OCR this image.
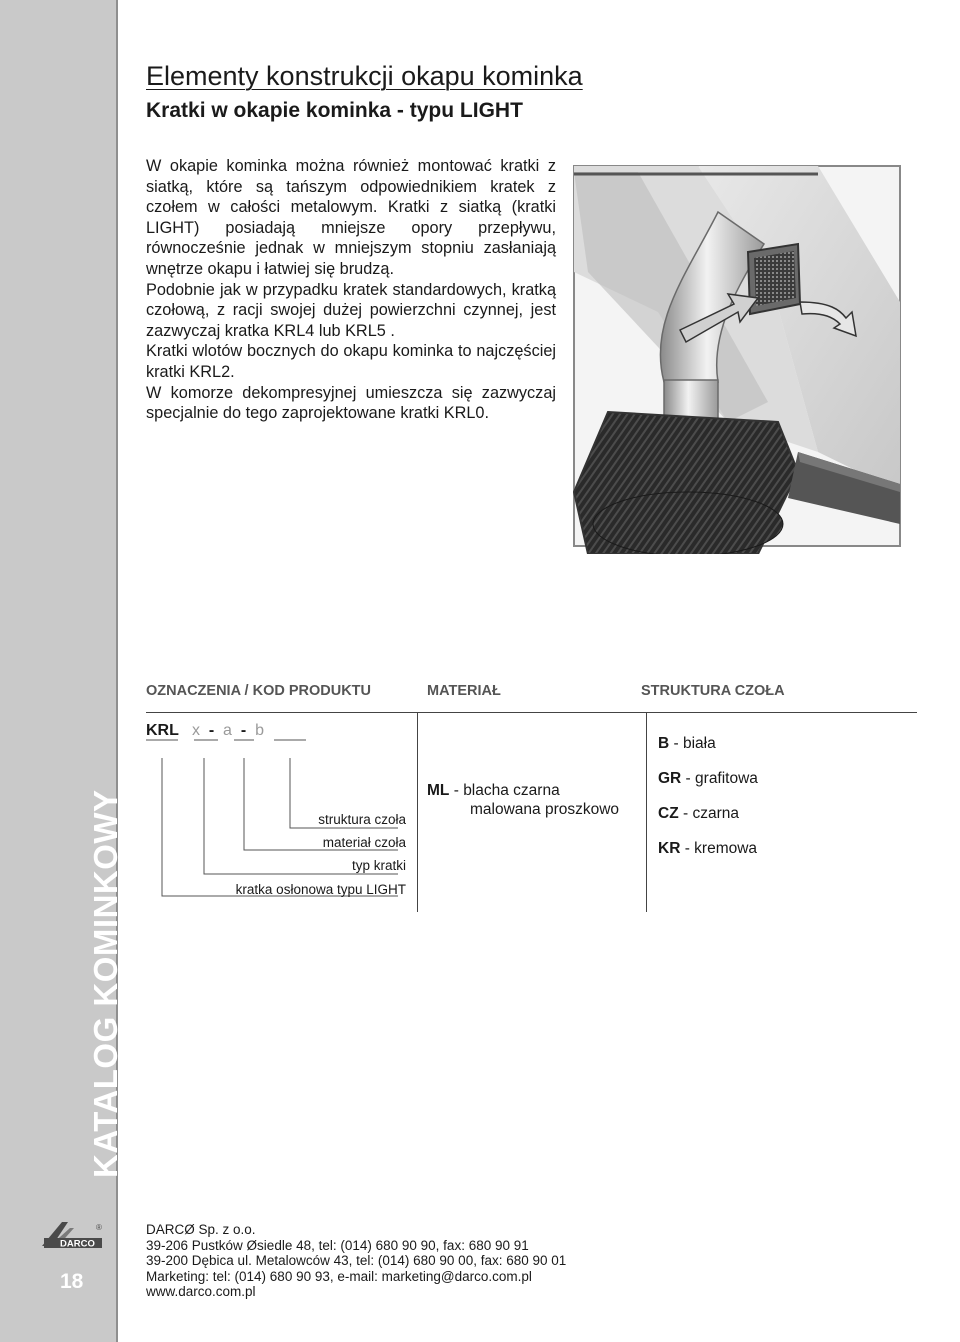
KATALOG KOMINKOWY Podręcznik Dystrybucji Gorącego Powietrza z kominka
DARCO
®
18
Elementy konstrukcji okapu kominka
Kratki w okapie kominka - typu LIGHT

W okapie kominka można również montować kratki z siatką, które są tańszym odpowiednikiem kratek z czołem w całości metalowym. Kratki z siatką (kratki LIGHT) posiadają mniejsze opory przepływu, równocześnie jednak w mniejszym stopniu zasłaniają wnętrze okapu i łatwiej się brudzą.

Podobnie jak w przypadku kratek standardowych, kratką czołową, z racji swojej dużej powierzchni czynnej, jest zazwyczaj kratka KRL4 lub KRL5 .

Kratki wlotów bocznych do okapu kominka to najczęściej kratki KRL2.

W komorze dekompresyjnej umieszcza się zazwyczaj specjalnie do tego zaprojektowane kratki KRL0.

OZNACZENIA / KOD PRODUKTU	MATERIAŁ	STRUKTURA CZOŁA
KRL x - a - b
struktura czoła
materiał czoła
typ kratki
kratka osłonowa typu LIGHT
ML - blacha czarna
malowana proszkowo
B - biała
GR - grafitowa
CZ - czarna
KR - kremowa
DARCØ Sp. z o.o.
39-206 Pustków Øsiedle 48, tel: (014) 680 90 90, fax: 680 90 91
39-200 Dębica ul. Metalowców 43, tel: (014) 680 90 00, fax: 680 90 01
Marketing: tel: (014) 680 90 93, e-mail: marketing@darco.com.pl
www.darco.com.pl
